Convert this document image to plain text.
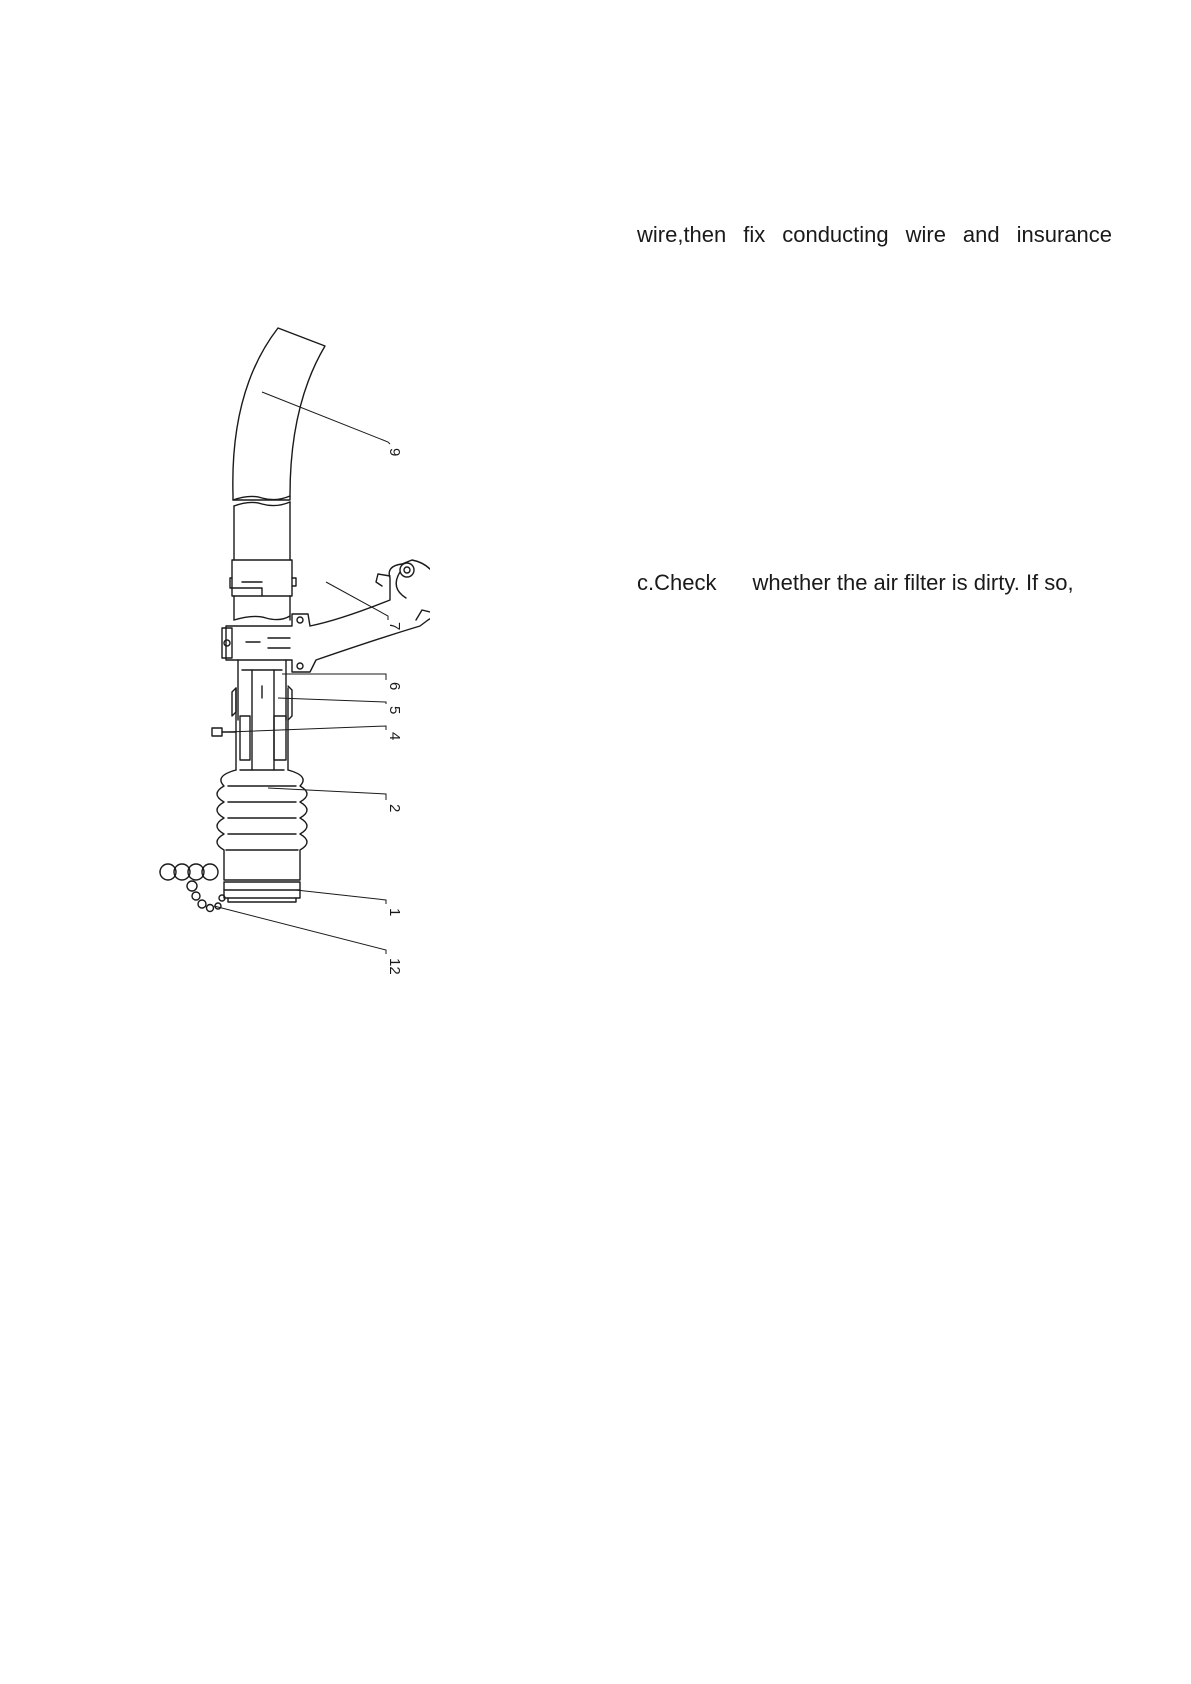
wire,then fix conducting wire and insurance
c.Check whether the air filter is dirty. If so,
9
7
6
5
4
2
1
12
